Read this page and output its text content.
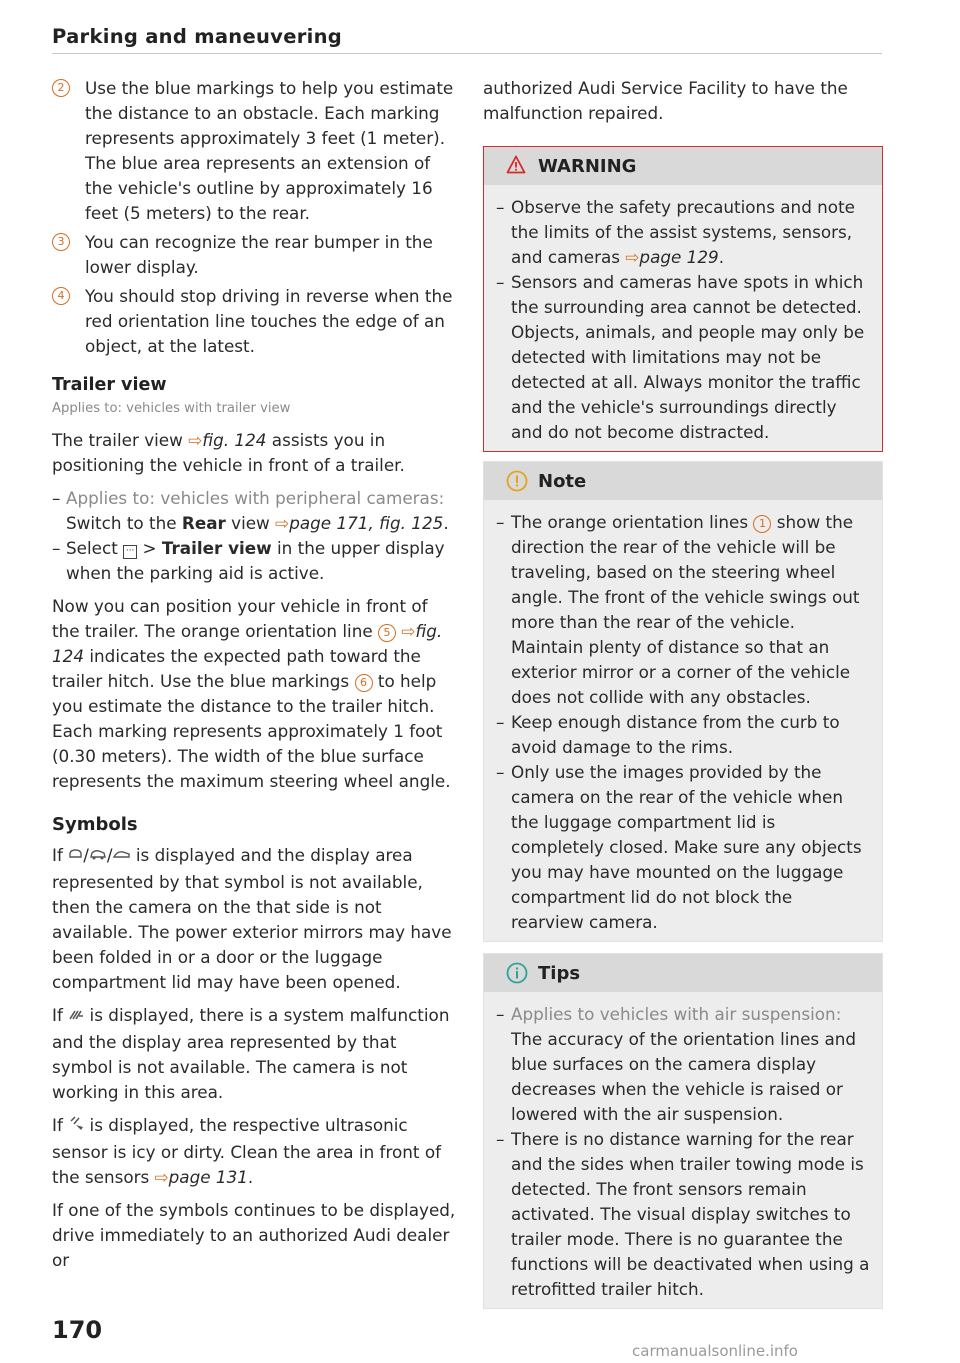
Parking and maneuvering
2	Use the blue markings to help you estimate the distance to an obstacle. Each marking represents approximately 3 feet (1 meter). The blue area represents an extension of the vehicle's outline by approximately 16 feet (5 meters) to the rear.
3	You can recognize the rear bumper in the lower display.
4	You should stop driving in reverse when the red orientation line touches the edge of an object, at the latest.
Trailer view
Applies to: vehicles with trailer view

The trailer view ⇨fig. 124 assists you in positioning the vehicle in front of a trailer.

– Applies to: vehicles with peripheral cameras: Switch to the Rear view ⇨page 171, fig. 125.
– Select ··· > Trailer view in the upper display when the parking aid is active.

Now you can position your vehicle in front of the trailer. The orange orientation line 5 ⇨fig. 124 indicates the expected path toward the trailer hitch. Use the blue markings 6 to help you estimate the distance to the trailer hitch. Each marking represents approximately 1 foot (0.30 meters). The width of the blue surface represents the maximum steering wheel angle.

Symbols

If / / is displayed and the display area represented by that symbol is not available, then the camera on the that side is not available. The power exterior mirrors may have been folded in or a door or the luggage compartment lid may have been opened.

If is displayed, there is a system malfunction and the display area represented by that symbol is not available. The camera is not working in this area.

If is displayed, the respective ultrasonic sensor is icy or dirty. Clean the area in front of the sensors ⇨page 131.

If one of the symbols continues to be displayed, drive immediately to an authorized Audi dealer or

authorized Audi Service Facility to have the malfunction repaired.

WARNING
– Observe the safety precautions and note the limits of the assist systems, sensors, and cameras ⇨page 129.
– Sensors and cameras have spots in which the surrounding area cannot be detected. Objects, animals, and people may only be detected with limitations may not be detected at all. Always monitor the traffic and the vehicle's surroundings directly and do not become distracted.
Note
– The orange orientation lines 1 show the direction the rear of the vehicle will be traveling, based on the steering wheel angle. The front of the vehicle swings out more than the rear of the vehicle. Maintain plenty of distance so that an exterior mirror or a corner of the vehicle does not collide with any obstacles.
– Keep enough distance from the curb to avoid damage to the rims.
– Only use the images provided by the camera on the rear of the vehicle when the luggage compartment lid is completely closed. Make sure any objects you may have mounted on the luggage compartment lid do not block the rearview camera.
Tips
– Applies to vehicles with air suspension: The accuracy of the orientation lines and blue surfaces on the camera display decreases when the vehicle is raised or lowered with the air suspension.
– There is no distance warning for the rear and the sides when trailer towing mode is detected. The front sensors remain activated. The visual display switches to trailer mode. There is no guarantee the functions will be deactivated when using a retrofitted trailer hitch.
170
carmanualsonline.info
